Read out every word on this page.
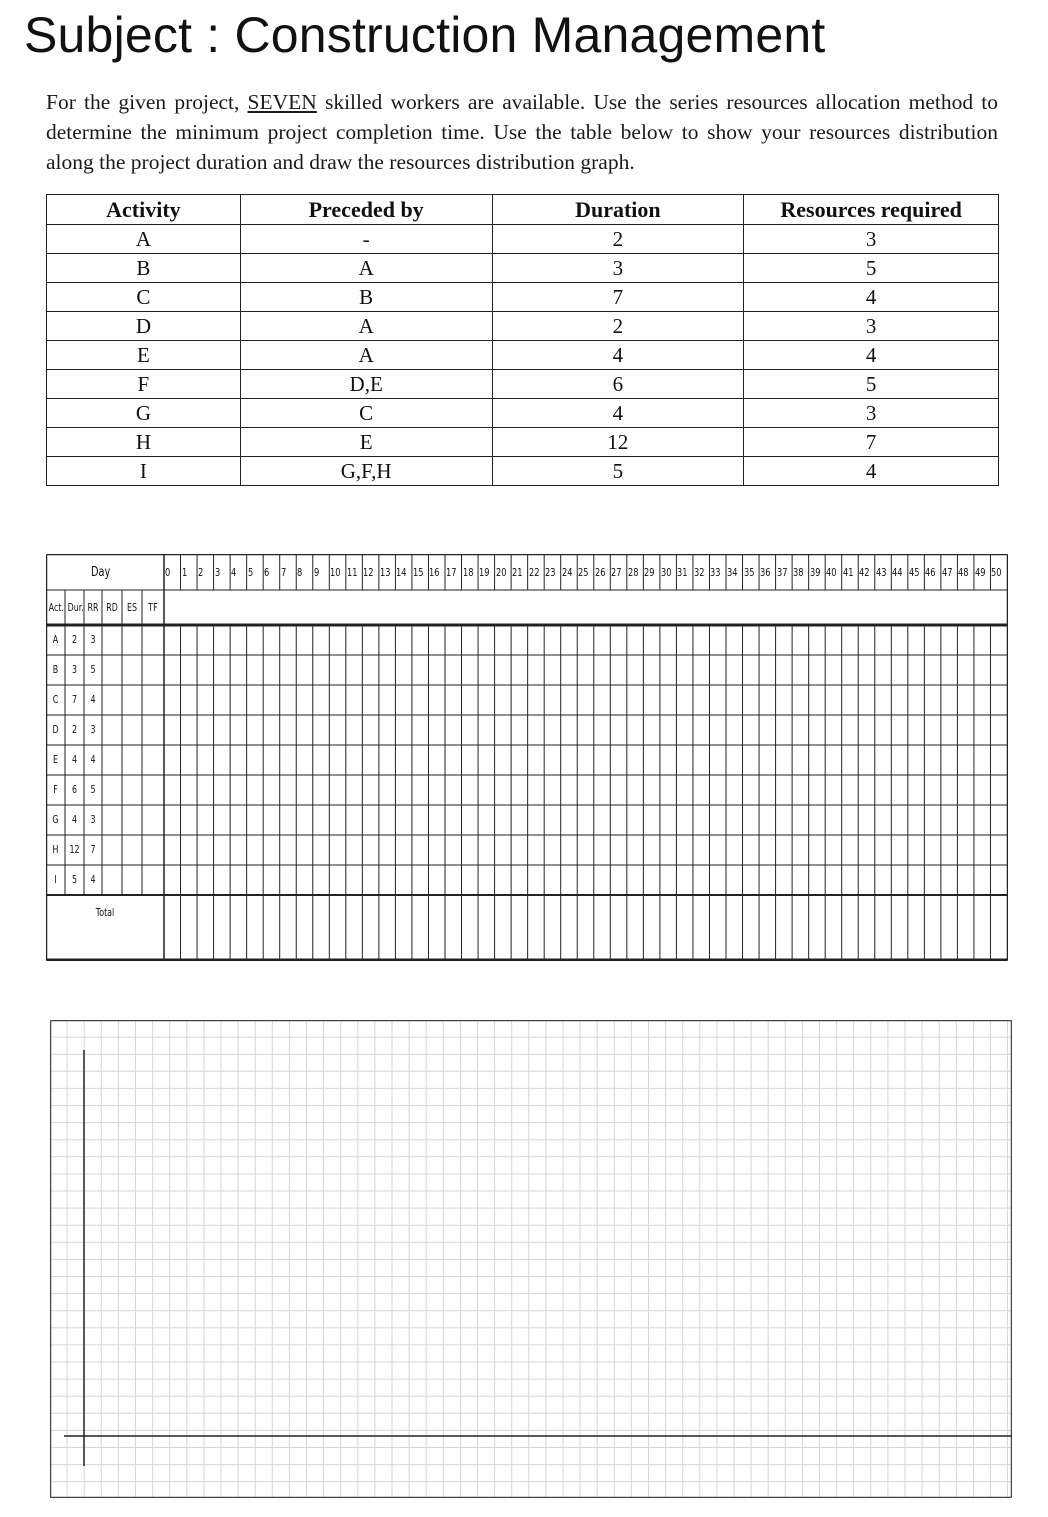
Subject : Construction Management
For the given project, SEVEN skilled workers are available. Use the series resources allocation method to determine the minimum project completion time. Use the table below to show your resources distribution along the project duration and draw the resources distribution graph.
Activity	Preceded by	Duration	Resources required
A	-	2	3
B	A	3	5
C	B	7	4
D	A	2	3
E	A	4	4
F	D,E	6	5
G	C	4	3
H	E	12	7
I	G,F,H	5	4
Day	0 1 2 3 4 5 6 7 8 9 10 11 12 13 14 15 16 17 18 19 20 21 22 23 24 25 26 27 28 29 30 31 32 33 34 35 36 37 38 39 40 41 42 43 44 45 46 47 48 49 50
Act. Dur. RR RD ES TF
A	2	3
B	3	5
C	7	4
D	2	3
E	4	4
F	6	5
G	4	3
H 12 7
I	5	4
Total
